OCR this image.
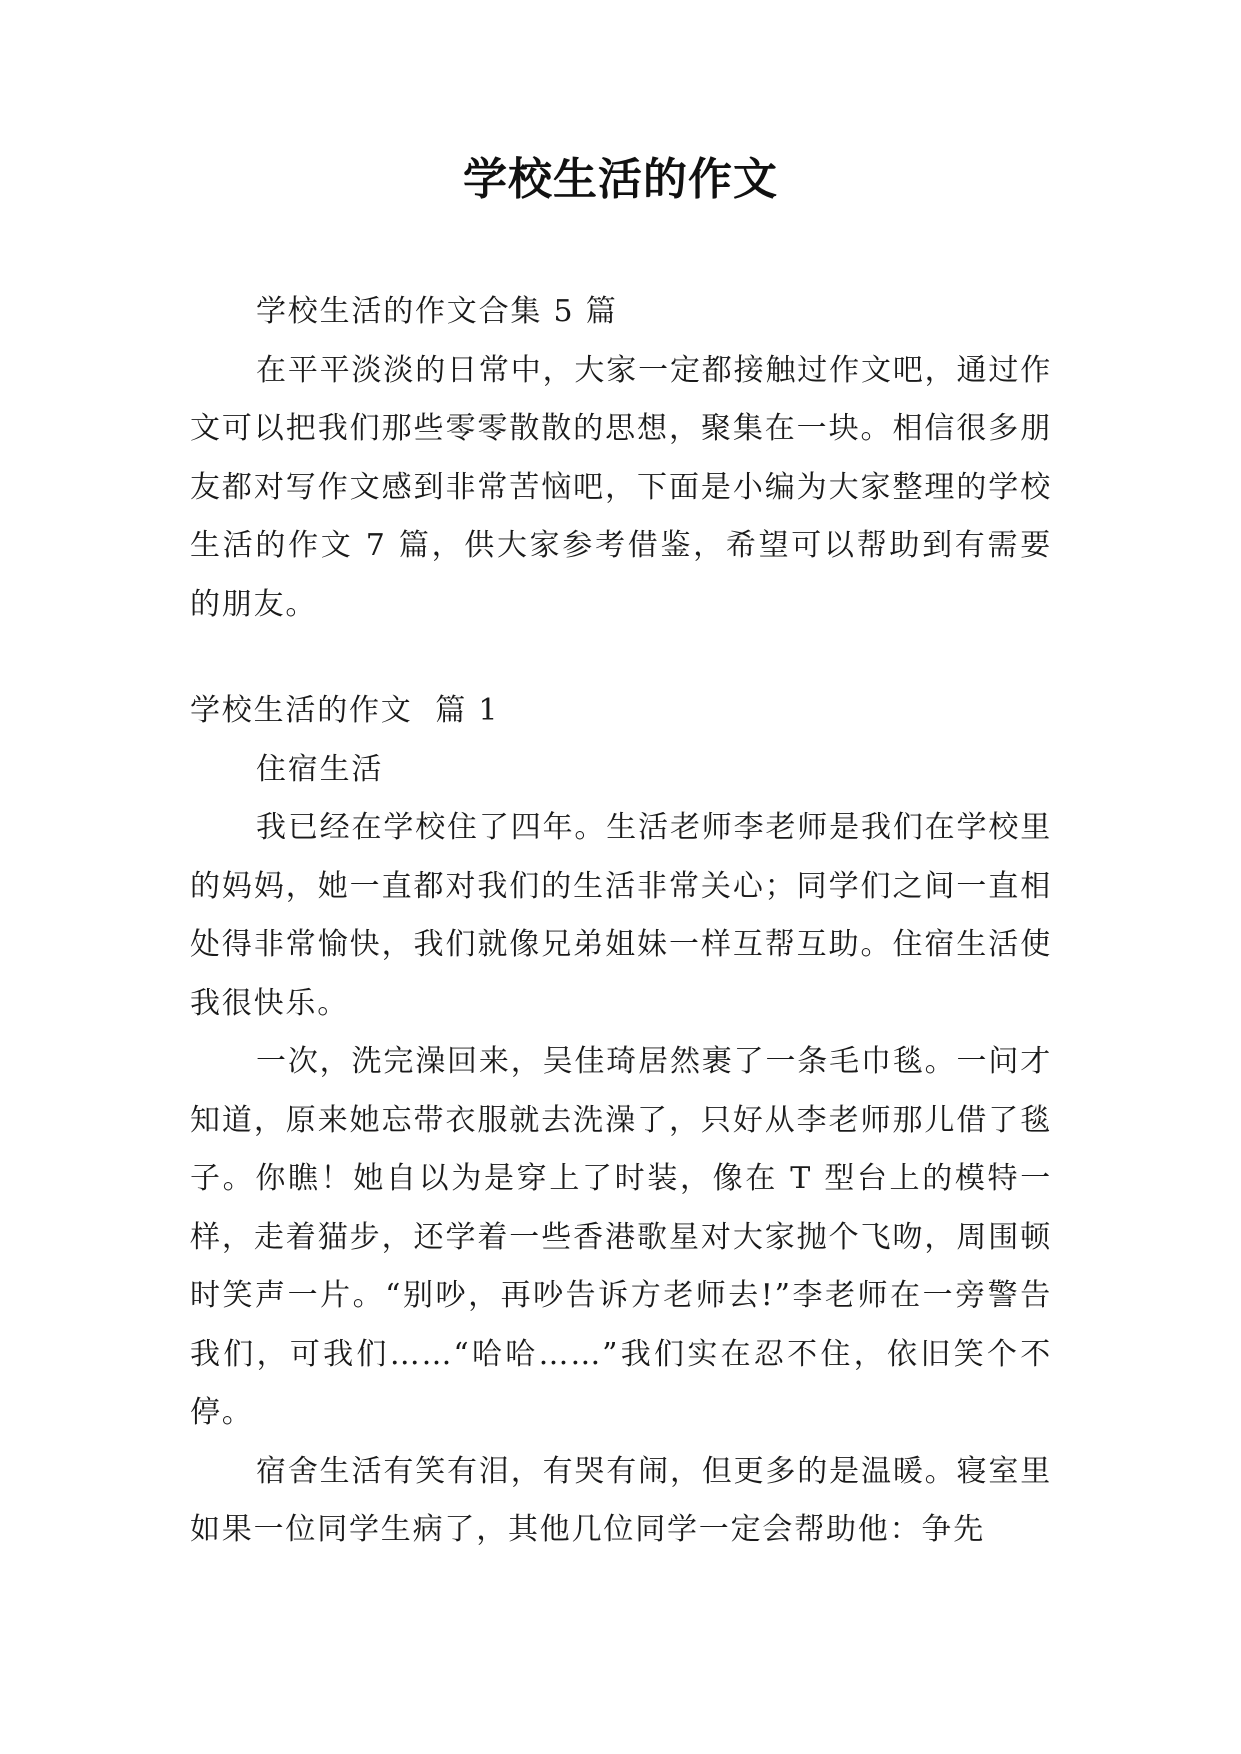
学校生活的作文

学校生活的作文合集 5 篇

在平平淡淡的日常中，大家一定都接触过作文吧，通过作文可以把我们那些零零散散的思想，聚集在一块。相信很多朋友都对写作文感到非常苦恼吧，下面是小编为大家整理的学校生活的作文 7 篇，供大家参考借鉴，希望可以帮助到有需要的朋友。

学校生活的作文  篇 1

住宿生活

我已经在学校住了四年。生活老师李老师是我们在学校里的妈妈，她一直都对我们的生活非常关心；同学们之间一直相处得非常愉快，我们就像兄弟姐妹一样互帮互助。住宿生活使我很快乐。

一次，洗完澡回来，吴佳琦居然裹了一条毛巾毯。一问才知道，原来她忘带衣服就去洗澡了，只好从李老师那儿借了毯子。你瞧！她自以为是穿上了时装，像在 T 型台上的模特一样，走着猫步，还学着一些香港歌星对大家抛个飞吻，周围顿时笑声一片。“别吵，再吵告诉方老师去!”李老师在一旁警告我们，可我们……“哈哈……”我们实在忍不住，依旧笑个不停。

宿舍生活有笑有泪，有哭有闹，但更多的是温暖。寝室里如果一位同学生病了，其他几位同学一定会帮助他：争先
